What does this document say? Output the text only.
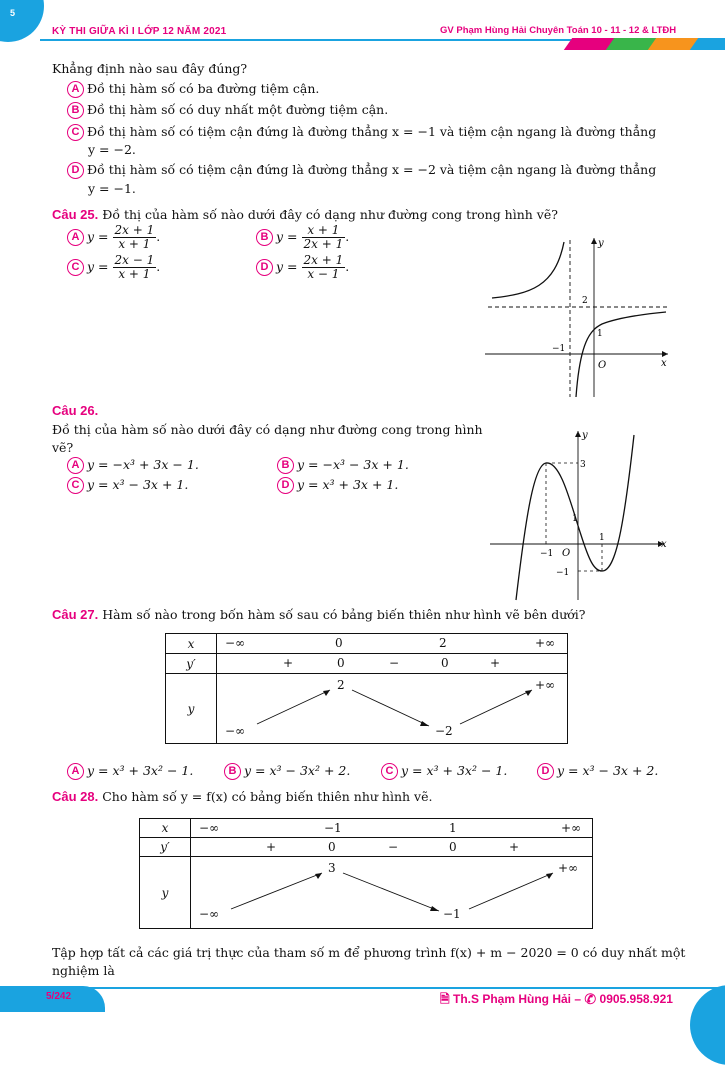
5
KỲ THI GIỮA KÌ I LỚP 12 NĂM 2021	GV Phạm Hùng Hải Chuyên Toán 10 - 11 - 12 & LTĐH
Khẳng định nào sau đây đúng?
A Đồ thị hàm số có ba đường tiệm cận.
B Đồ thị hàm số có duy nhất một đường tiệm cận.
C Đồ thị hàm số có tiệm cận đứng là đường thẳng x = −1 và tiệm cận ngang là đường thẳng
y = −2.
D Đồ thị hàm số có tiệm cận đứng là đường thẳng x = −2 và tiệm cận ngang là đường thẳng
y = −1.
Câu 25. Đồ thị của hàm số nào dưới đây có dạng như đường cong trong hình vẽ?
A $y = \frac{2x + 1}{x + 1}$ .	B $y = \frac{x + 1}{2x + 1}$ .
C $y = \frac{2x - 1}{x + 1}$ .	D $y = \frac{2x + 1}{x - 1}$ .
y
x
O
2
1
−1
Câu 26.
Đồ thị của hàm số nào dưới đây có dạng như đường cong trong hình
vẽ?
A y = −x³ + 3x − 1.	B y = −x³ − 3x + 1.
C y = x³ − 3x + 1.	D y = x³ + 3x + 1.
y
x
O
3
1
−1
1
−1
Câu 27. Hàm số nào trong bốn hàm số sau có bảng biến thiên như hình vẽ bên dưới?
x	−∞ 0 2 +∞

y′	+ 0 − 0 +

y	2 +∞
−∞ −2
A y = x³ + 3x² − 1.	B y = x³ − 3x² + 2.	C y = x³ + 3x² − 1.	D y = x³ − 3x + 2.
Câu 28. Cho hàm số y = f(x) có bảng biến thiên như hình vẽ.
x	−∞ −1 1 +∞

y′	+ 0 − 0 +

y	3 +∞
−∞ −1
Tập hợp tất cả các giá trị thực của tham số m để phương trình f(x) + m − 2020 = 0 có duy nhất một
nghiệm là
5/242	🗎 Th.S Phạm Hùng Hải – ✆ 0905.958.921
